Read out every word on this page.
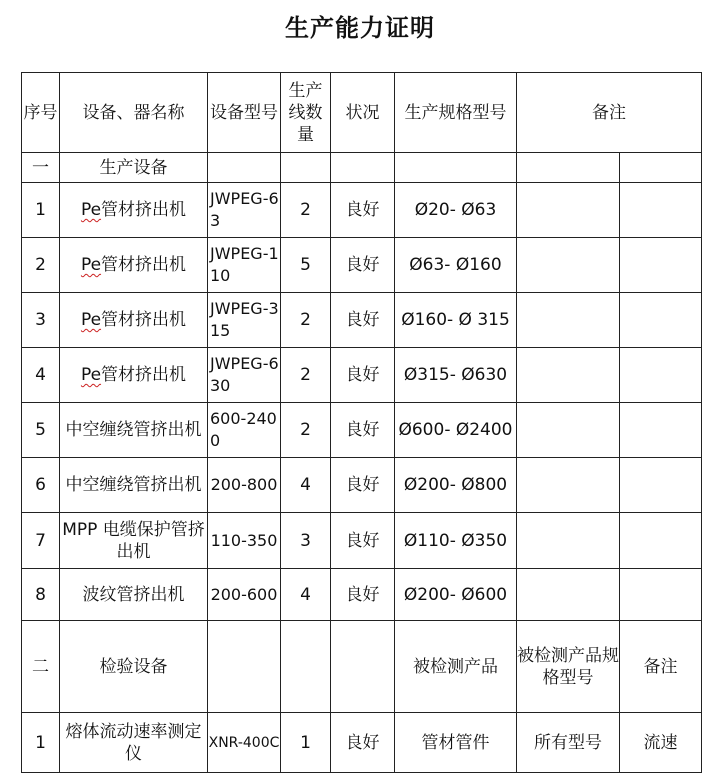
生产能力证明
序号	设备、器名称	设备型号	生产线数量	状况	生产规格型号	备注	
一	生产设备						
1	Pe管材挤出机	JWPEG-63	2	良好	Ø20- Ø63		
2	Pe管材挤出机	JWPEG-110	5	良好	Ø63- Ø160		
3	Pe管材挤出机	JWPEG-315	2	良好	Ø160- Ø 315		
4	Pe管材挤出机	JWPEG-630	2	良好	Ø315- Ø630		
5	中空缠绕管挤出机	600-2400	2	良好	Ø600- Ø2400		
6	中空缠绕管挤出机	200-800	4	良好	Ø200- Ø800		
7	MPP 电缆保护管挤出机	110-350	3	良好	Ø110- Ø350		
8	波纹管挤出机	200-600	4	良好	Ø200- Ø600		
二	检验设备				被检测产品	被检测产品规格型号	备注
1	熔体流动速率测定仪	XNR-400C	1	良好	管材管件	所有型号	流速
